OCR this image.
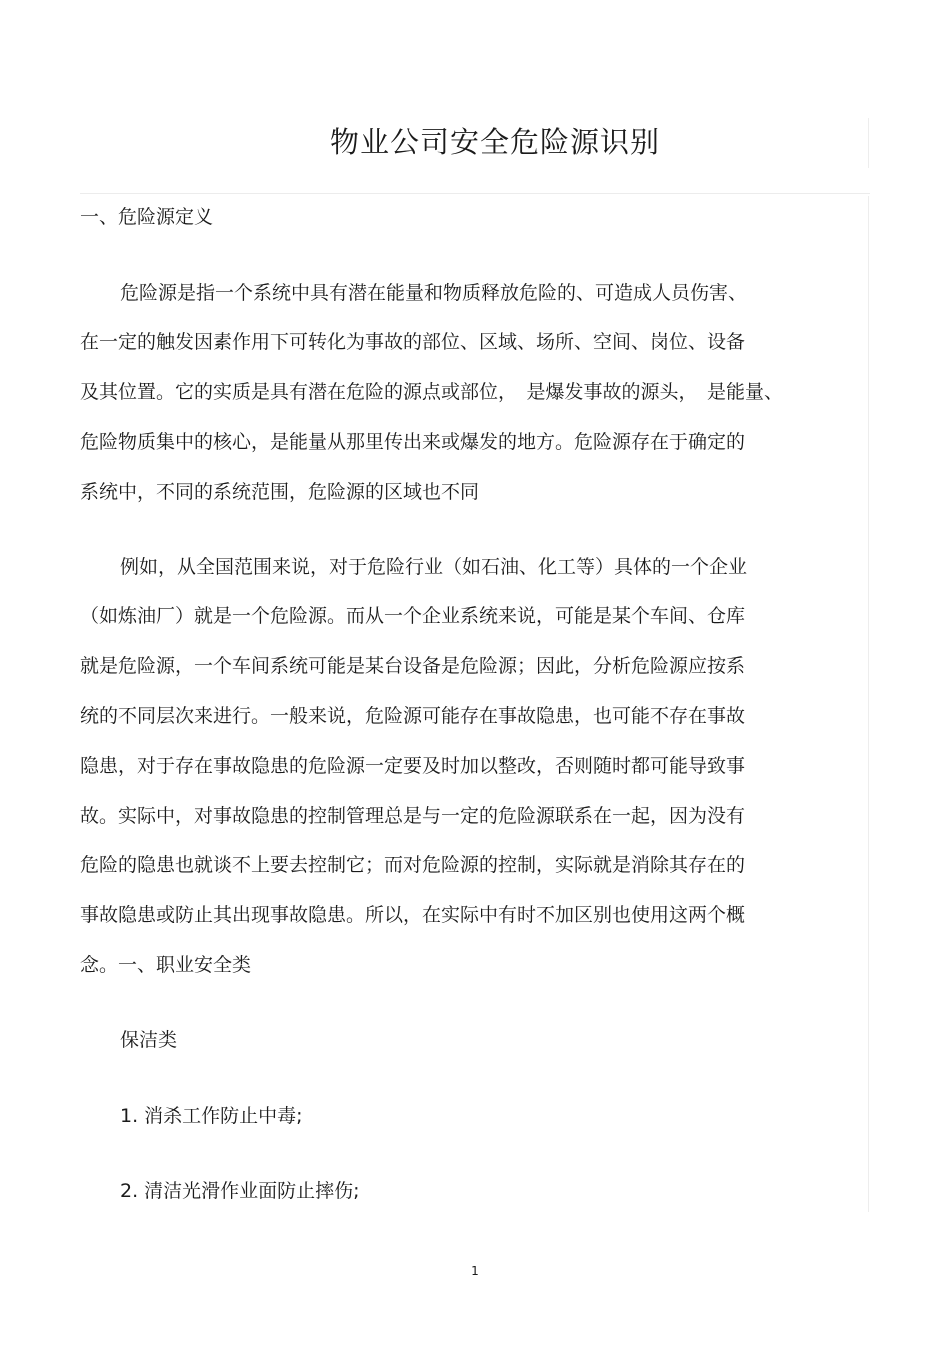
物业公司安全危险源识别
一、危险源定义
危险源是指一个系统中具有潜在能量和物质释放危险的、可造成人员伤害、
在一定的触发因素作用下可转化为事故的部位、区域、场所、空间、岗位、设备
及其位置。它的实质是具有潜在危险的源点或部位，　是爆发事故的源头，　是能量、
危险物质集中的核心，是能量从那里传出来或爆发的地方。危险源存在于确定的
系统中，不同的系统范围，危险源的区域也不同
例如，从全国范围来说，对于危险行业（如石油、化工等）具体的一个企业
（如炼油厂）就是一个危险源。而从一个企业系统来说，可能是某个车间、仓库
就是危险源，一个车间系统可能是某台设备是危险源；因此，分析危险源应按系
统的不同层次来进行。一般来说，危险源可能存在事故隐患，也可能不存在事故
隐患，对于存在事故隐患的危险源一定要及时加以整改，否则随时都可能导致事
故。实际中，对事故隐患的控制管理总是与一定的危险源联系在一起，因为没有
危险的隐患也就谈不上要去控制它；而对危险源的控制，实际就是消除其存在的
事故隐患或防止其出现事故隐患。所以，在实际中有时不加区别也使用这两个概
念。一、职业安全类
保洁类
1. 消杀工作防止中毒;
2. 清洁光滑作业面防止摔伤;
1
